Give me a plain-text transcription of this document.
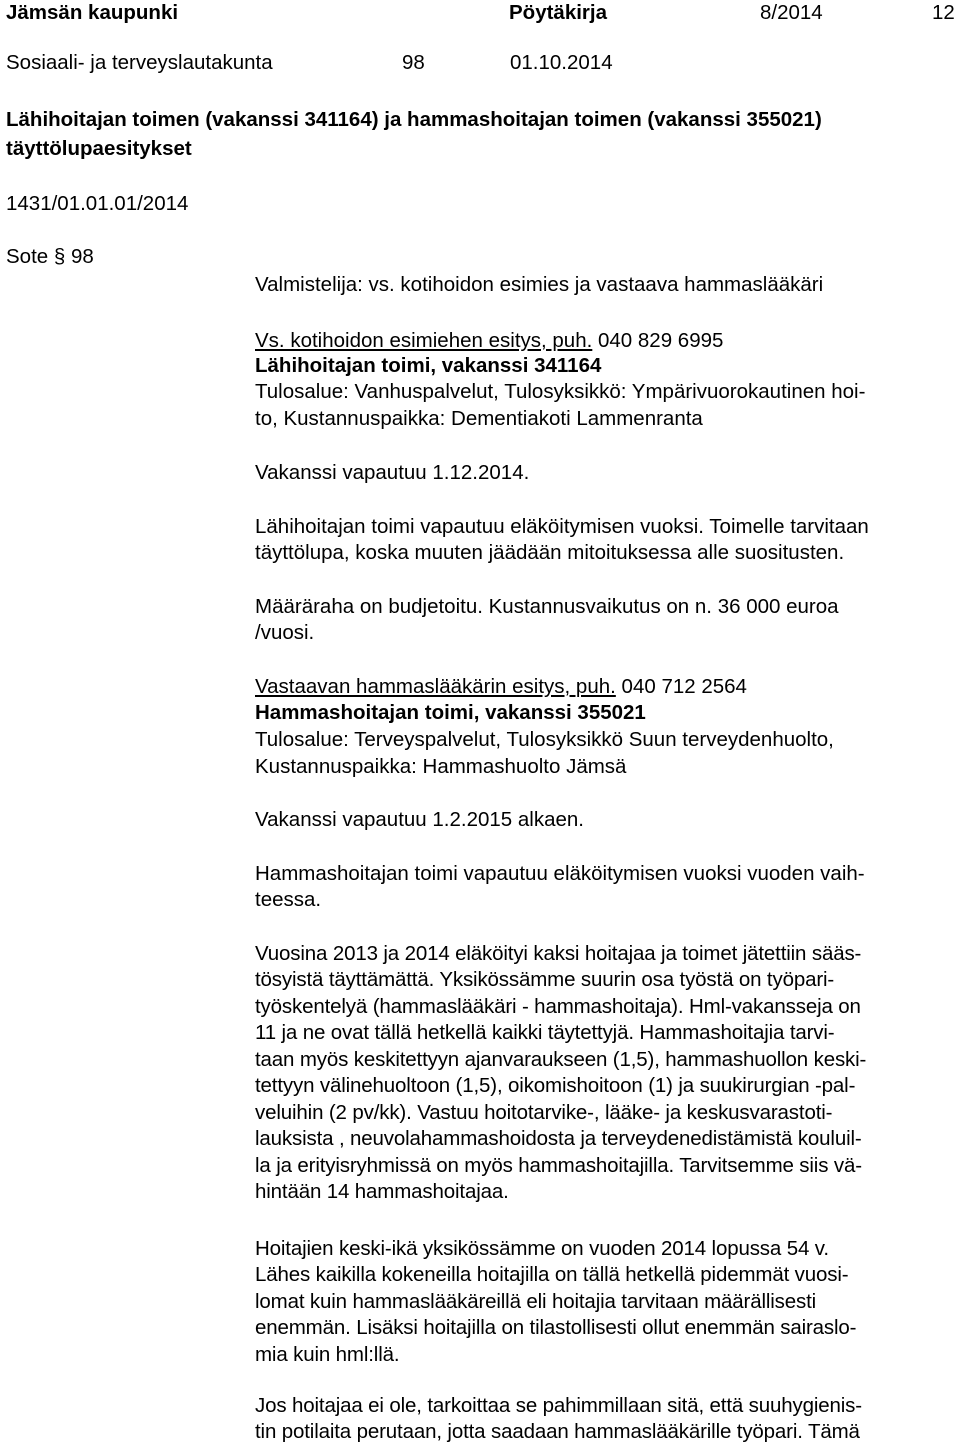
Jämsän kaupunki	Pöytäkirja	8/2014	12
Sosiaali- ja terveyslautakunta	98	01.10.2014
Lähihoitajan toimen (vakanssi 341164) ja hammashoitajan toimen (vakanssi 355021)
täyttölupaesitykset
1431/01.01.01/2014
Sote § 98
Valmistelija: vs. kotihoidon esimies ja vastaava hammaslääkäri
Vs. kotihoidon esimiehen esitys, puh. 040 829 6995
Lähihoitajan toimi, vakanssi 341164
Tulosalue: Vanhuspalvelut, Tulosyksikkö: Ympärivuorokautinen hoi-
to, Kustannuspaikka: Dementiakoti Lammenranta
Vakanssi vapautuu 1.12.2014.
Lähihoitajan toimi vapautuu eläköitymisen vuoksi. Toimelle tarvitaan
täyttölupa, koska muuten jäädään mitoituksessa alle suositusten.
Määräraha on budjetoitu. Kustannusvaikutus on n. 36 000 euroa
/vuosi.
Vastaavan hammaslääkärin esitys, puh. 040 712 2564
Hammashoitajan toimi, vakanssi 355021
Tulosalue: Terveyspalvelut, Tulosyksikkö Suun terveydenhuolto,
Kustannuspaikka: Hammashuolto Jämsä
Vakanssi vapautuu 1.2.2015 alkaen.
Hammashoitajan toimi vapautuu eläköitymisen vuoksi vuoden vaih-
teessa.
Vuosina 2013 ja 2014 eläköityi kaksi hoitajaa ja toimet jätettiin sääs-
tösyistä täyttämättä. Yksikössämme suurin osa työstä on työpari-
työskentelyä (hammaslääkäri - hammashoitaja). Hml-vakansseja on
11 ja ne ovat tällä hetkellä kaikki täytettyjä. Hammashoitajia tarvi-
taan myös keskitettyyn ajanvaraukseen (1,5), hammashuollon keski-
tettyyn välinehuoltoon (1,5), oikomishoitoon (1) ja suukirurgian -pal-
veluihin (2 pv/kk). Vastuu hoitotarvike-, lääke- ja keskusvarastoti-
lauksista , neuvolahammashoidosta ja terveydenedistämistä kouluil-
la ja erityisryhmissä on myös hammashoitajilla. Tarvitsemme siis vä-
hintään 14 hammashoitajaa.
Hoitajien keski-ikä yksikössämme on vuoden 2014 lopussa 54 v.
Lähes kaikilla kokeneilla hoitajilla on tällä hetkellä pidemmät vuosi-
lomat kuin hammaslääkäreillä eli hoitajia tarvitaan määrällisesti
enemmän. Lisäksi hoitajilla on tilastollisesti ollut enemmän sairaslo-
mia kuin hml:llä.
Jos hoitajaa ei ole, tarkoittaa se pahimmillaan sitä, että suuhygienis-
tin potilaita perutaan, jotta saadaan hammaslääkärille työpari. Tämä
